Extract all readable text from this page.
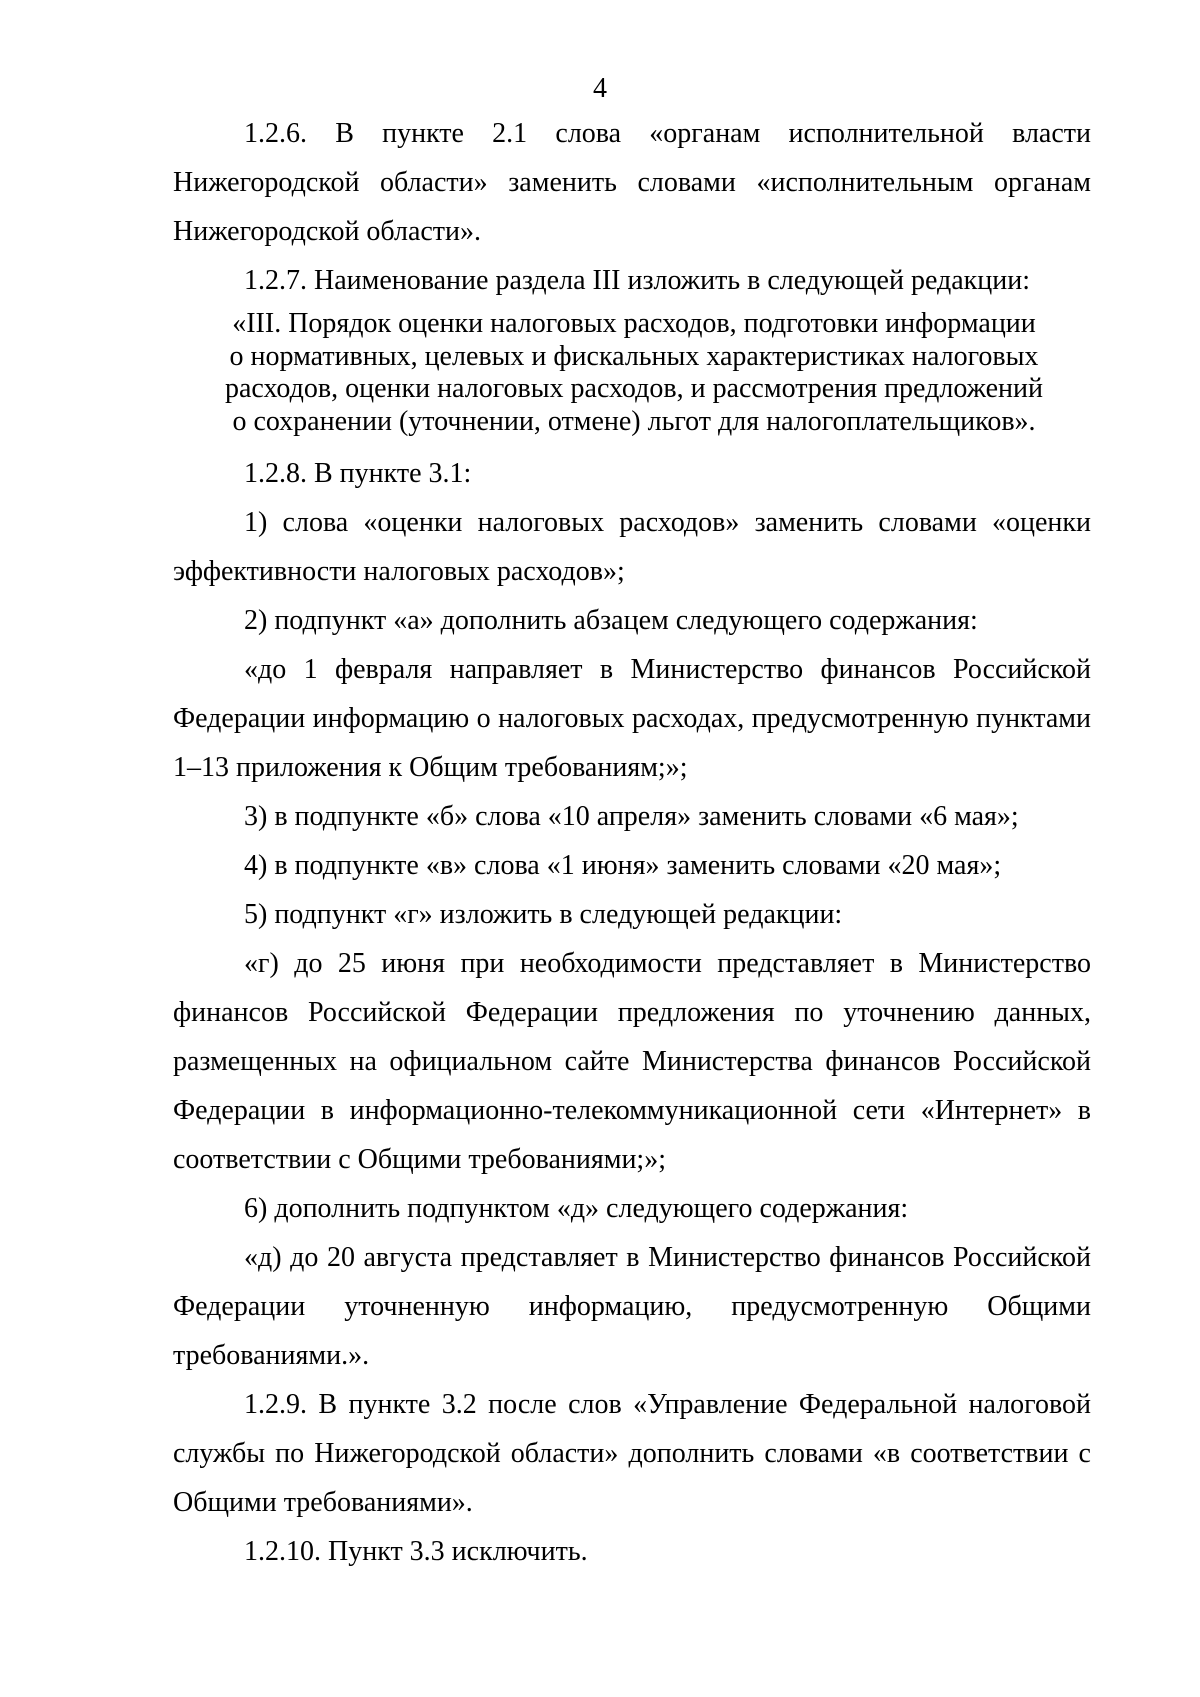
4

1.2.6. В пункте 2.1 слова «органам исполнительной власти Нижегородской области» заменить словами «исполнительным органам Нижегородской области».

1.2.7. Наименование раздела III изложить в следующей редакции:

«III. Порядок оценки налоговых расходов, подготовки информации
о нормативных, целевых и фискальных характеристиках налоговых
расходов, оценки налоговых расходов, и рассмотрения предложений
о сохранении (уточнении, отмене) льгот для налогоплательщиков».

1.2.8. В пункте 3.1:

1) слова «оценки налоговых расходов» заменить словами «оценки эффективности налоговых расходов»;

2) подпункт «а» дополнить абзацем следующего содержания:

«до 1 февраля направляет в Министерство финансов Российской Федерации информацию о налоговых расходах, предусмотренную пунктами 1–13 приложения к Общим требованиям;»;

3) в подпункте «б» слова «10 апреля» заменить словами «6 мая»;

4) в подпункте «в» слова «1 июня» заменить словами «20 мая»;

5) подпункт «г» изложить в следующей редакции:

«г) до 25 июня при необходимости представляет в Министерство финансов Российской Федерации предложения по уточнению данных, размещенных на официальном сайте Министерства финансов Российской Федерации в информационно-телекоммуникационной сети «Интернет» в соответствии с Общими требованиями;»;

6) дополнить подпунктом «д» следующего содержания:

«д) до 20 августа представляет в Министерство финансов Российской Федерации уточненную информацию, предусмотренную Общими требованиями.».

1.2.9. В пункте 3.2 после слов «Управление Федеральной налоговой службы по Нижегородской области» дополнить словами «в соответствии с Общими требованиями».

1.2.10. Пункт 3.3 исключить.
